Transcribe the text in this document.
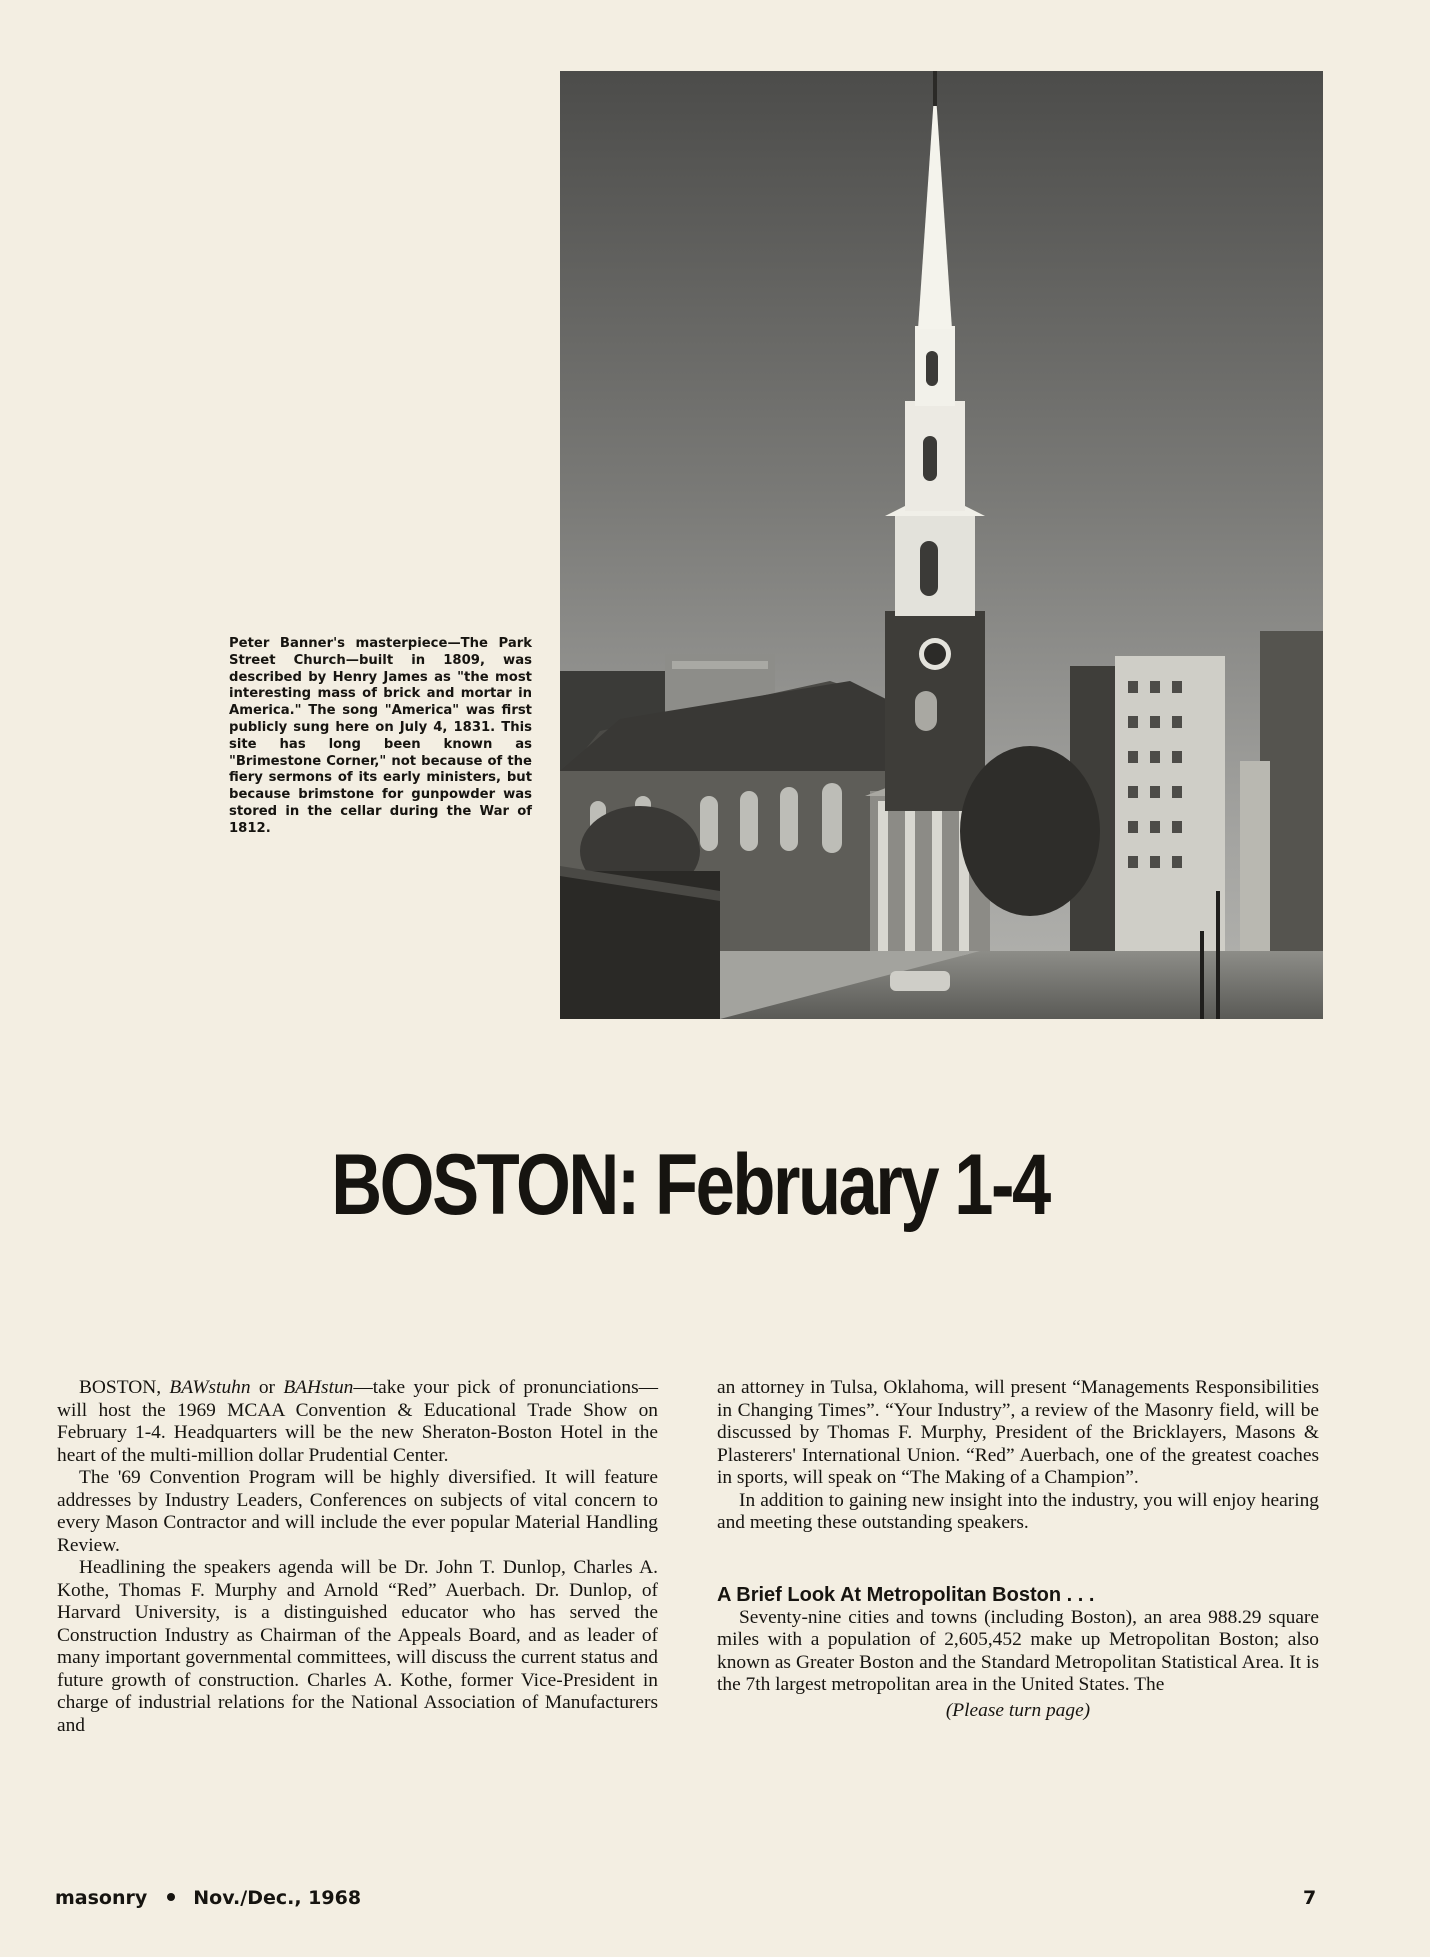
Peter Banner's masterpiece—The Park Street Church—built in 1809, was described by Henry James as "the most interesting mass of brick and mortar in America." The song "America" was first publicly sung here on July 4, 1831. This site has long been known as "Brimestone Corner," not because of the fiery sermons of its early ministers, but because brimstone for gunpowder was stored in the cellar during the War of 1812.
BOSTON: February 1-4

BOSTON, BAWstuhn or BAHstun—take your pick of pronunciations—will host the 1969 MCAA Convention & Educational Trade Show on February 1-4. Headquarters will be the new Sheraton-Boston Hotel in the heart of the multi-million dollar Prudential Center.

The '69 Convention Program will be highly diversified. It will feature addresses by Industry Leaders, Conferences on subjects of vital concern to every Mason Contractor and will include the ever popular Material Handling Review.

Headlining the speakers agenda will be Dr. John T. Dunlop, Charles A. Kothe, Thomas F. Murphy and Arnold “Red” Auerbach. Dr. Dunlop, of Harvard University, is a distinguished educator who has served the Construction Industry as Chairman of the Appeals Board, and as leader of many important governmental committees, will discuss the current status and future growth of construction. Charles A. Kothe, former Vice-President in charge of industrial relations for the National Association of Manufacturers and

an attorney in Tulsa, Oklahoma, will present “Managements Responsibilities in Changing Times”. “Your Industry”, a review of the Masonry field, will be discussed by Thomas F. Murphy, President of the Bricklayers, Masons & Plasterers' International Union. “Red” Auerbach, one of the greatest coaches in sports, will speak on “The Making of a Champion”.

In addition to gaining new insight into the industry, you will enjoy hearing and meeting these outstanding speakers.

A Brief Look At Metropolitan Boston . . .

Seventy-nine cities and towns (including Boston), an area 988.29 square miles with a population of 2,605,452 make up Metropolitan Boston; also known as Greater Boston and the Standard Metropolitan Statistical Area. It is the 7th largest metropolitan area in the United States. The

(Please turn page)
masonry Nov./Dec., 1968	7
